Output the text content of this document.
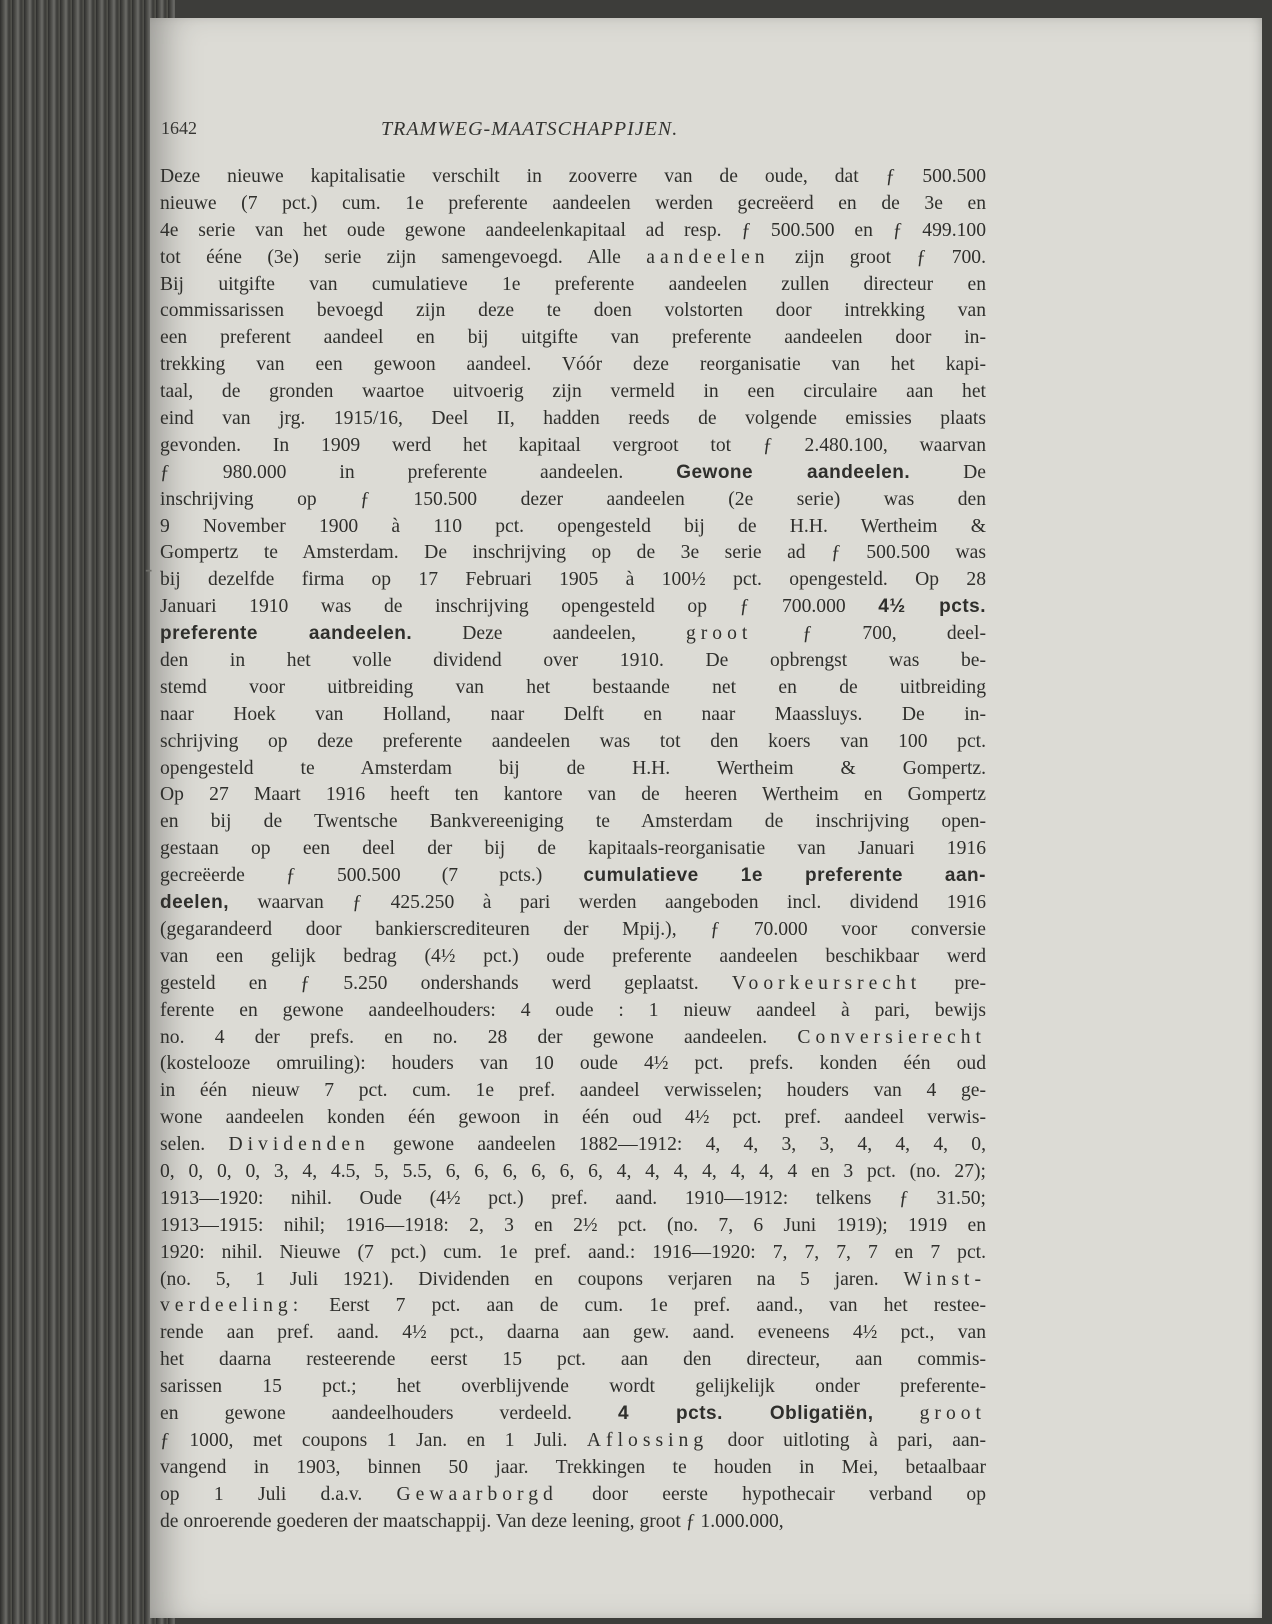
1642	TRAMWEG-MAATSCHAPPIJEN.
Deze nieuwe kapitalisatie verschilt in zooverre van de oude, dat ƒ 500.500
nieuwe (7 pct.) cum. 1e preferente aandeelen werden gecreëerd en de 3e en
4e serie van het oude gewone aandeelenkapitaal ad resp. ƒ 500.500 en ƒ 499.100
tot ééne (3e) serie zijn samengevoegd. Alle aandeelen zijn groot ƒ 700.
Bij uitgifte van cumulatieve 1e preferente aandeelen zullen directeur en
commissarissen bevoegd zijn deze te doen volstorten door intrekking van
een preferent aandeel en bij uitgifte van preferente aandeelen door in-
trekking van een gewoon aandeel. Vóór deze reorganisatie van het kapi-
taal, de gronden waartoe uitvoerig zijn vermeld in een circulaire aan het
eind van jrg. 1915/16, Deel II, hadden reeds de volgende emissies plaats
gevonden. In 1909 werd het kapitaal vergroot tot ƒ 2.480.100, waarvan
ƒ 980.000 in preferente aandeelen. Gewone aandeelen. De
inschrijving op ƒ 150.500 dezer aandeelen (2e serie) was den
9 November 1900 à 110 pct. opengesteld bij de H.H. Wertheim &
Gompertz te Amsterdam. De inschrijving op de 3e serie ad ƒ 500.500 was
bij dezelfde firma op 17 Februari 1905 à 100½ pct. opengesteld. Op 28
Januari 1910 was de inschrijving opengesteld op ƒ 700.000 4½ pcts.
preferente aandeelen. Deze aandeelen, groot ƒ 700, deel-
den in het volle dividend over 1910. De opbrengst was be-
stemd voor uitbreiding van het bestaande net en de uitbreiding
naar Hoek van Holland, naar Delft en naar Maassluys. De in-
schrijving op deze preferente aandeelen was tot den koers van 100 pct.
opengesteld te Amsterdam bij de H.H. Wertheim & Gompertz.
Op 27 Maart 1916 heeft ten kantore van de heeren Wertheim en Gompertz
en bij de Twentsche Bankvereeniging te Amsterdam de inschrijving open-
gestaan op een deel der bij de kapitaals-reorganisatie van Januari 1916
gecreëerde ƒ 500.500 (7 pcts.) cumulatieve 1e preferente aan-
deelen, waarvan ƒ 425.250 à pari werden aangeboden incl. dividend 1916
(gegarandeerd door bankierscrediteuren der Mpij.), ƒ 70.000 voor conversie
van een gelijk bedrag (4½ pct.) oude preferente aandeelen beschikbaar werd
gesteld en ƒ 5.250 ondershands werd geplaatst. Voorkeursrecht pre-
ferente en gewone aandeelhouders: 4 oude : 1 nieuw aandeel à pari, bewijs
no. 4 der prefs. en no. 28 der gewone aandeelen. Conversierecht
(kostelooze omruiling): houders van 10 oude 4½ pct. prefs. konden één oud
in één nieuw 7 pct. cum. 1e pref. aandeel verwisselen; houders van 4 ge-
wone aandeelen konden één gewoon in één oud 4½ pct. pref. aandeel verwis-
selen. Dividenden gewone aandeelen 1882—1912: 4, 4, 3, 3, 4, 4, 4, 0,
0, 0, 0, 0, 3, 4, 4.5, 5, 5.5, 6, 6, 6, 6, 6, 6, 4, 4, 4, 4, 4, 4, 4 en 3 pct. (no. 27);
1913—1920: nihil. Oude (4½ pct.) pref. aand. 1910—1912: telkens ƒ 31.50;
1913—1915: nihil; 1916—1918: 2, 3 en 2½ pct. (no. 7, 6 Juni 1919); 1919 en
1920: nihil. Nieuwe (7 pct.) cum. 1e pref. aand.: 1916—1920: 7, 7, 7, 7 en 7 pct.
(no. 5, 1 Juli 1921). Dividenden en coupons verjaren na 5 jaren. Winst-
verdeeling: Eerst 7 pct. aan de cum. 1e pref. aand., van het restee-
rende aan pref. aand. 4½ pct., daarna aan gew. aand. eveneens 4½ pct., van
het daarna resteerende eerst 15 pct. aan den directeur, aan commis-
sarissen 15 pct.; het overblijvende wordt gelijkelijk onder preferente-
en gewone aandeelhouders verdeeld. 4 pcts. Obligatiën, groot
ƒ 1000, met coupons 1 Jan. en 1 Juli. Aflossing door uitloting à pari, aan-
vangend in 1903, binnen 50 jaar. Trekkingen te houden in Mei, betaalbaar
op 1 Juli d.a.v. Gewaarborgd door eerste hypothecair verband op
de onroerende goederen der maatschappij. Van deze leening, groot ƒ 1.000.000,
-
